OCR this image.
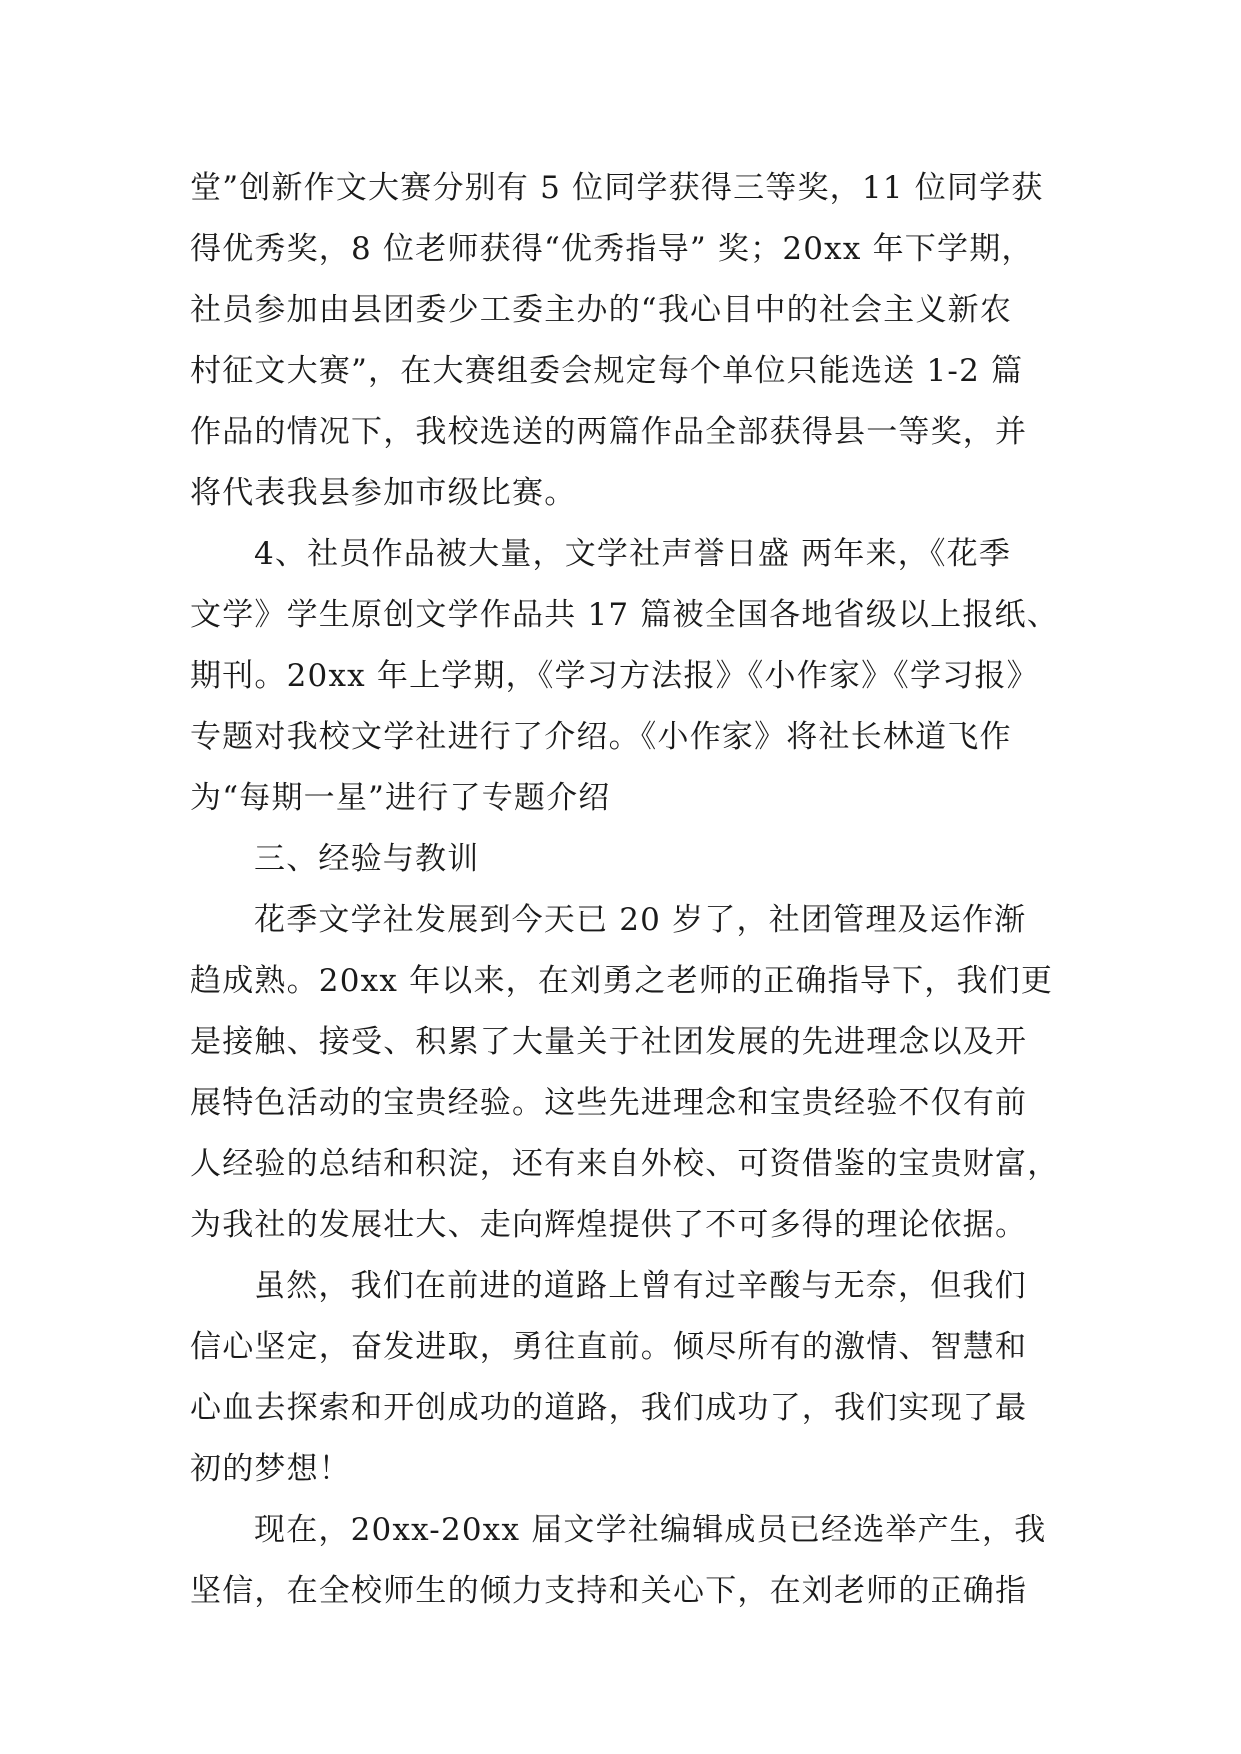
堂”创新作文大赛分别有 5 位同学获得三等奖，11 位同学获
得优秀奖，8 位老师获得“优秀指导” 奖；20xx 年下学期，
社员参加由县团委少工委主办的“我心目中的社会主义新农
村征文大赛”，在大赛组委会规定每个单位只能选送 1-2 篇
作品的情况下，我校选送的两篇作品全部获得县一等奖，并
将代表我县参加市级比赛。
4、社员作品被大量，文学社声誉日盛 两年来，《花季
文学》学生原创文学作品共 17 篇被全国各地省级以上报纸、
期刊。20xx 年上学期，《学习方法报》《小作家》《学习报》
专题对我校文学社进行了介绍。《小作家》将社长林道飞作
为“每期一星”进行了专题介绍
三、经验与教训
花季文学社发展到今天已 20 岁了，社团管理及运作渐
趋成熟。20xx 年以来，在刘勇之老师的正确指导下，我们更
是接触、接受、积累了大量关于社团发展的先进理念以及开
展特色活动的宝贵经验。这些先进理念和宝贵经验不仅有前
人经验的总结和积淀，还有来自外校、可资借鉴的宝贵财富，
为我社的发展壮大、走向辉煌提供了不可多得的理论依据。
虽然，我们在前进的道路上曾有过辛酸与无奈，但我们
信心坚定，奋发进取，勇往直前。倾尽所有的激情、智慧和
心血去探索和开创成功的道路，我们成功了，我们实现了最
初的梦想！
现在，20xx-20xx 届文学社编辑成员已经选举产生，我
坚信，在全校师生的倾力支持和关心下，在刘老师的正确指
